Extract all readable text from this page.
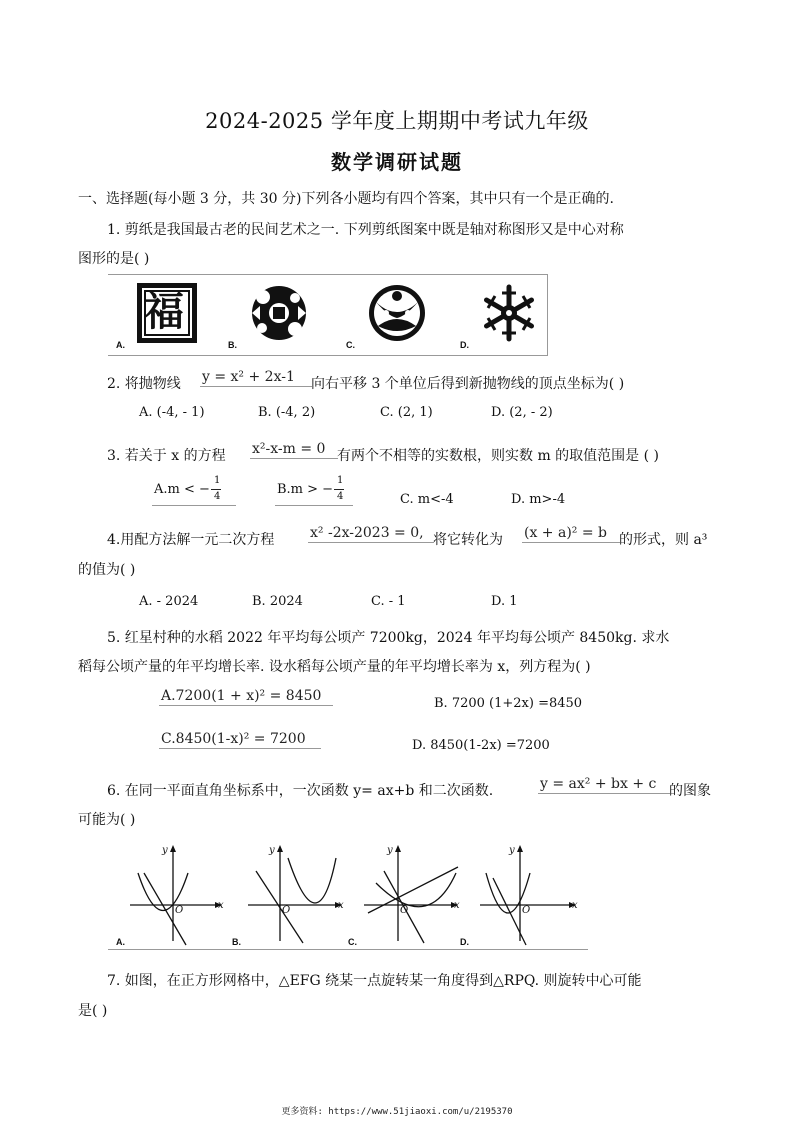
2024-2025 学年度上期期中考试九年级
数学调研试题
一、选择题(每小题 3 分，共 30 分)下列各小题均有四个答案，其中只有一个是正确的.
1. 剪纸是我国最古老的民间艺术之一. 下列剪纸图案中既是轴对称图形又是中心对称
图形的是( )
福
A.	B.	C.	D.
2. 将抛物线 y = x² + 2x-1	向右平移 3 个单位后得到新抛物线的顶点坐标为( )
A. (-4, - 1)	B. (-4, 2)	C. (2, 1)	D. (2, - 2)
3. 若关于 x 的方程 x²-x-m = 0 有两个不相等的实数根，则实数 m 的取值范围是 ( )
A.m < −
1
4	B.m > −
1
4	C. m<-4	D. m>-4
4.用配方法解一元二次方程	x² -2x-2023 = 0, 将它转化为 (x + a)² = b 的形式，则 a³
的值为( )
A. - 2024	B. 2024	C. - 1	D. 1
5. 红星村种的水稻 2022 年平均每公顷产 7200kg，2024 年平均每公顷产 8450kg. 求水
稻每公顷产量的年平均增长率. 设水稻每公顷产量的年平均增长率为 x，列方程为( )
A.7200(1 + x)² = 8450	B. 7200 (1+2x) =8450
C.8450(1-x)² = 7200	D. 8450(1-2x) =7200
6. 在同一平面直角坐标系中，一次函数 y= ax+b 和二次函数.	y = ax² + bx + c 的图象
可能为( )
y
x
O
A.
y
x
O
B.
y
x
O
C.
y
x
O
D.
7. 如图，在正方形网格中，△EFG 绕某一点旋转某一角度得到△RPQ. 则旋转中心可能
是( )
更多资料: https://www.51jiaoxi.com/u/2195370
